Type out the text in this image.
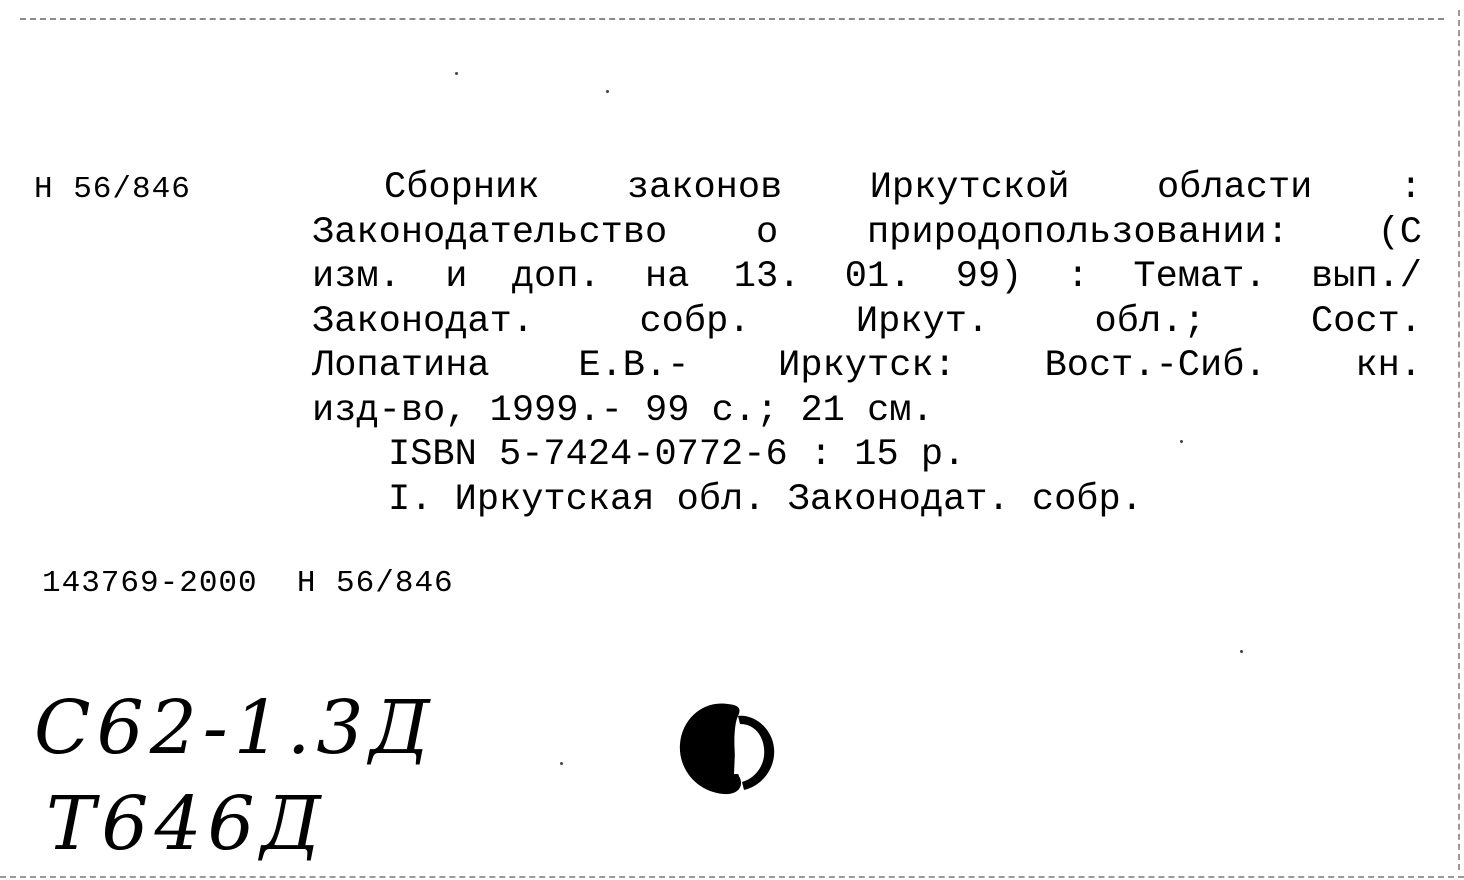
Н 56/846	Сборник законов Иркутской области :
Законодательство о природопользовании: (С
изм. и доп. на 13. 01. 99) : Темат. вып./
Законодат. собр. Иркут. обл.; Сост.
Лопатина Е.В.- Иркутск: Вост.-Сиб. кн.
изд-во, 1999.- 99 с.; 21 см.
ISBN 5-7424-0772-6 : 15 р.
I. Иркутская обл. Законодат. собр.
143769-2000  Н 56/846
C62-1.3Д
Т646Д
